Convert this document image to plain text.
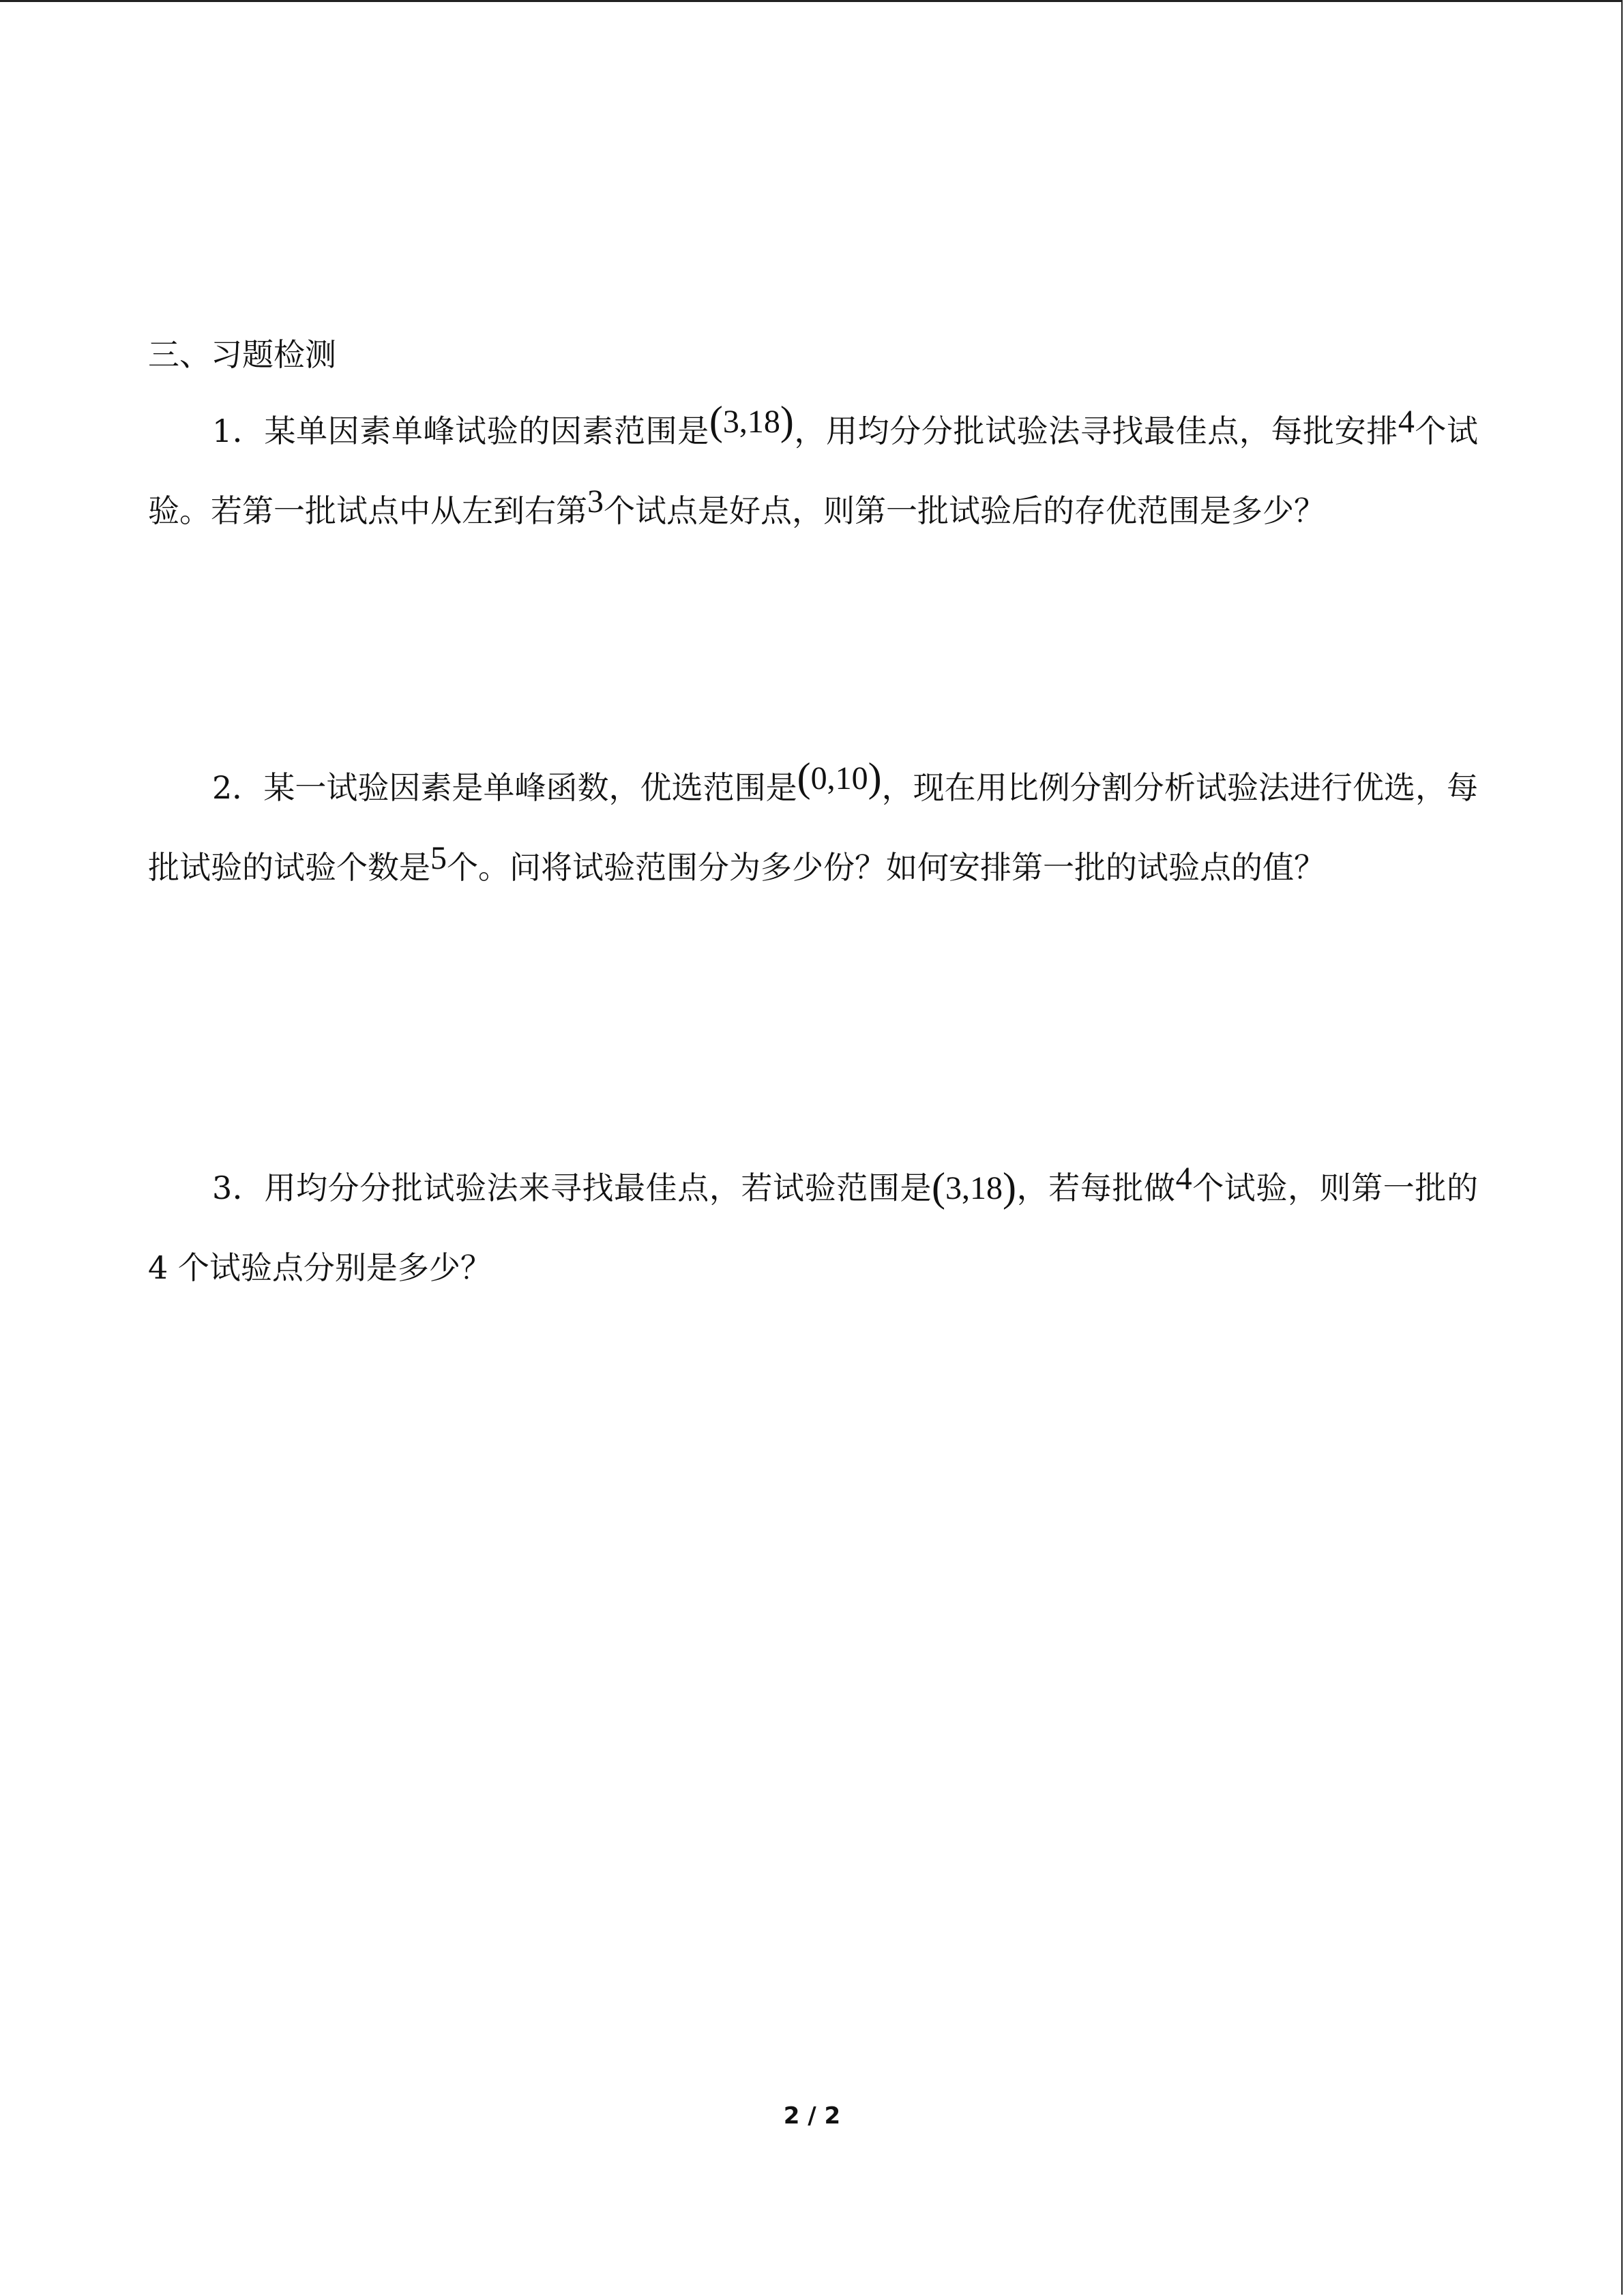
三、习题检测

1．某单因素单峰试验的因素范围是(3,18)，用均分分批试验法寻找最佳点，每批安排4个试验。若第一批试点中从左到右第3个试点是好点，则第一批试验后的存优范围是多少？

2．某一试验因素是单峰函数，优选范围是(0,10)，现在用比例分割分析试验法进行优选，每批试验的试验个数是5个。问将试验范围分为多少份？如何安排第一批的试验点的值？

3．用均分分批试验法来寻找最佳点，若试验范围是(3,18)，若每批做4个试验，则第一批的 4 个试验点分别是多少？

2 / 2
